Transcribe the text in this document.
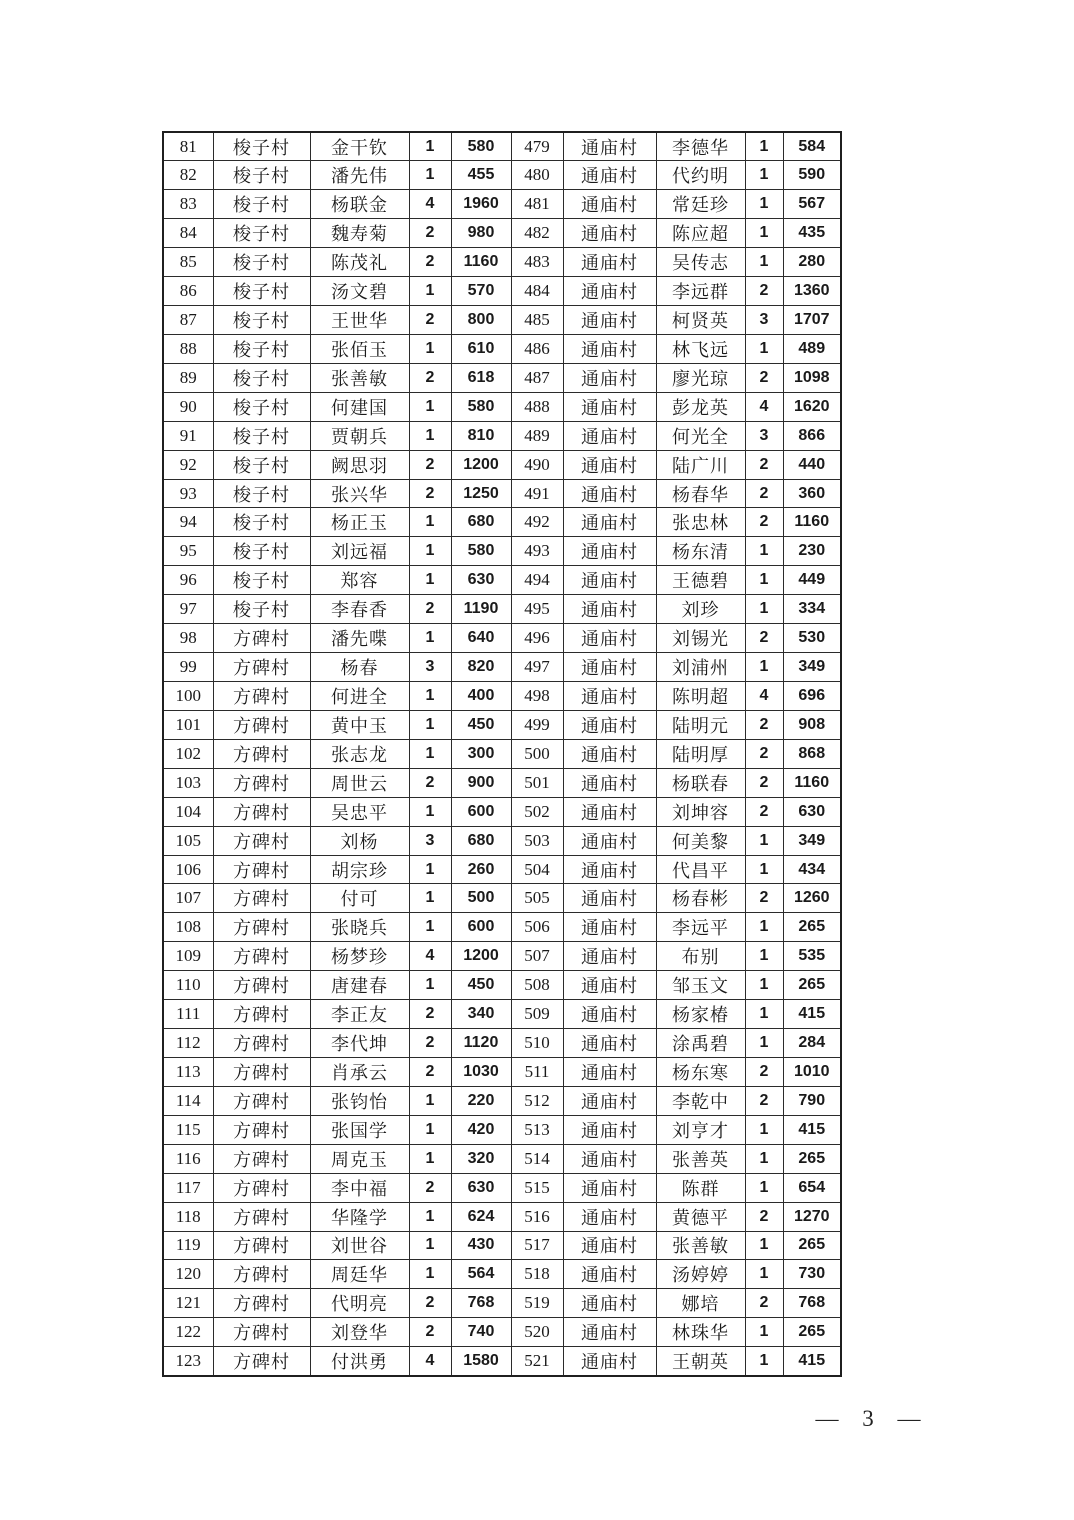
81	梭子村	金干钦	1	580	479	通庙村	李德华	1	584
82	梭子村	潘先伟	1	455	480	通庙村	代约明	1	590
83	梭子村	杨联金	4	1960	481	通庙村	常廷珍	1	567
84	梭子村	魏寿菊	2	980	482	通庙村	陈应超	1	435
85	梭子村	陈茂礼	2	1160	483	通庙村	吴传志	1	280
86	梭子村	汤文碧	1	570	484	通庙村	李远群	2	1360
87	梭子村	王世华	2	800	485	通庙村	柯贤英	3	1707
88	梭子村	张佰玉	1	610	486	通庙村	林飞远	1	489
89	梭子村	张善敏	2	618	487	通庙村	廖光琼	2	1098
90	梭子村	何建国	1	580	488	通庙村	彭龙英	4	1620
91	梭子村	贾朝兵	1	810	489	通庙村	何光全	3	866
92	梭子村	阙思羽	2	1200	490	通庙村	陆广川	2	440
93	梭子村	张兴华	2	1250	491	通庙村	杨春华	2	360
94	梭子村	杨正玉	1	680	492	通庙村	张忠林	2	1160
95	梭子村	刘远福	1	580	493	通庙村	杨东清	1	230
96	梭子村	郑容	1	630	494	通庙村	王德碧	1	449
97	梭子村	李春香	2	1190	495	通庙村	刘珍	1	334
98	方碑村	潘先喋	1	640	496	通庙村	刘锡光	2	530
99	方碑村	杨春	3	820	497	通庙村	刘浦州	1	349
100	方碑村	何进全	1	400	498	通庙村	陈明超	4	696
101	方碑村	黄中玉	1	450	499	通庙村	陆明元	2	908
102	方碑村	张志龙	1	300	500	通庙村	陆明厚	2	868
103	方碑村	周世云	2	900	501	通庙村	杨联春	2	1160
104	方碑村	吴忠平	1	600	502	通庙村	刘坤容	2	630
105	方碑村	刘杨	3	680	503	通庙村	何美黎	1	349
106	方碑村	胡宗珍	1	260	504	通庙村	代昌平	1	434
107	方碑村	付可	1	500	505	通庙村	杨春彬	2	1260
108	方碑村	张晓兵	1	600	506	通庙村	李远平	1	265
109	方碑村	杨梦珍	4	1200	507	通庙村	布别	1	535
110	方碑村	唐建春	1	450	508	通庙村	邹玉文	1	265
111	方碑村	李正友	2	340	509	通庙村	杨家椿	1	415
112	方碑村	李代坤	2	1120	510	通庙村	涂禹碧	1	284
113	方碑村	肖承云	2	1030	511	通庙村	杨东寒	2	1010
114	方碑村	张钧怡	1	220	512	通庙村	李乾中	2	790
115	方碑村	张国学	1	420	513	通庙村	刘亨才	1	415
116	方碑村	周克玉	1	320	514	通庙村	张善英	1	265
117	方碑村	李中福	2	630	515	通庙村	陈群	1	654
118	方碑村	华隆学	1	624	516	通庙村	黄德平	2	1270
119	方碑村	刘世谷	1	430	517	通庙村	张善敏	1	265
120	方碑村	周廷华	1	564	518	通庙村	汤婷婷	1	730
121	方碑村	代明亮	2	768	519	通庙村	娜培	2	768
122	方碑村	刘登华	2	740	520	通庙村	林珠华	1	265
123	方碑村	付洪勇	4	1580	521	通庙村	王朝英	1	415
— 3 —
